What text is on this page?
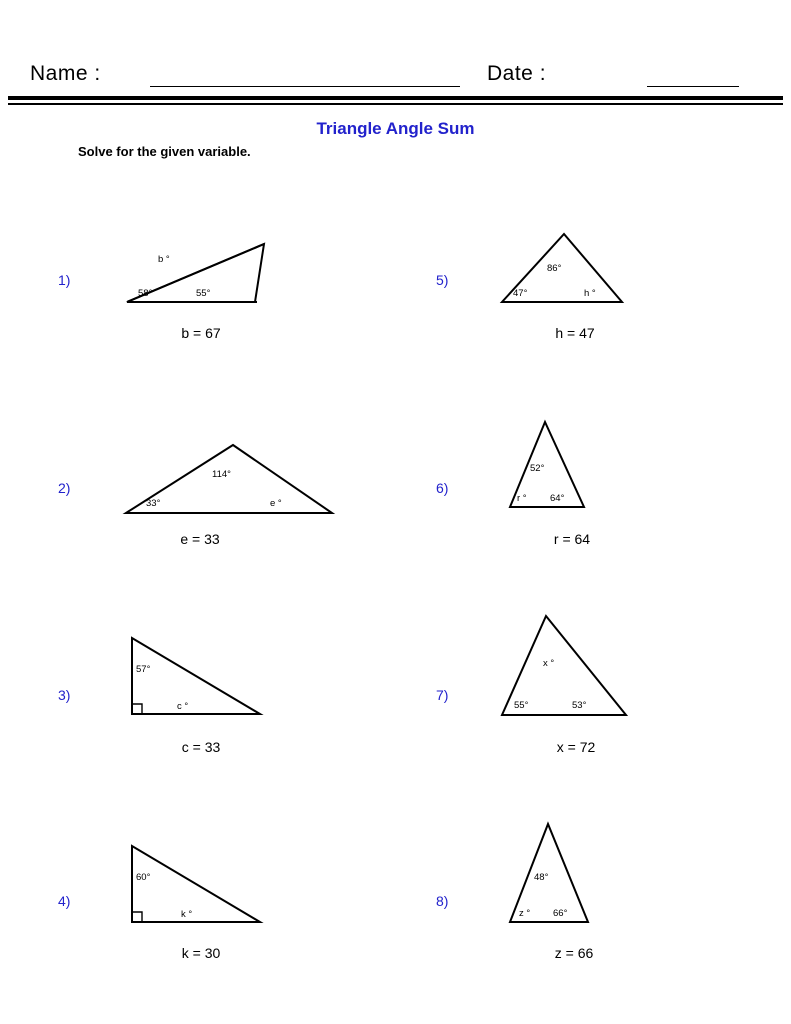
Name :	Date :
Triangle Angle Sum
Solve for the given variable.
1)
b °
58°	55°
b = 67
2)
114°
33°	e °
e = 33
3)
57°
c °
c = 33
4)
60°
k °
k = 30
5)
86°
47°	h °
h = 47
6)
52°
r ° 64°
r = 64
7)
x °
55°	53°
x = 72
8)
48°
z ° 66°
z = 66
